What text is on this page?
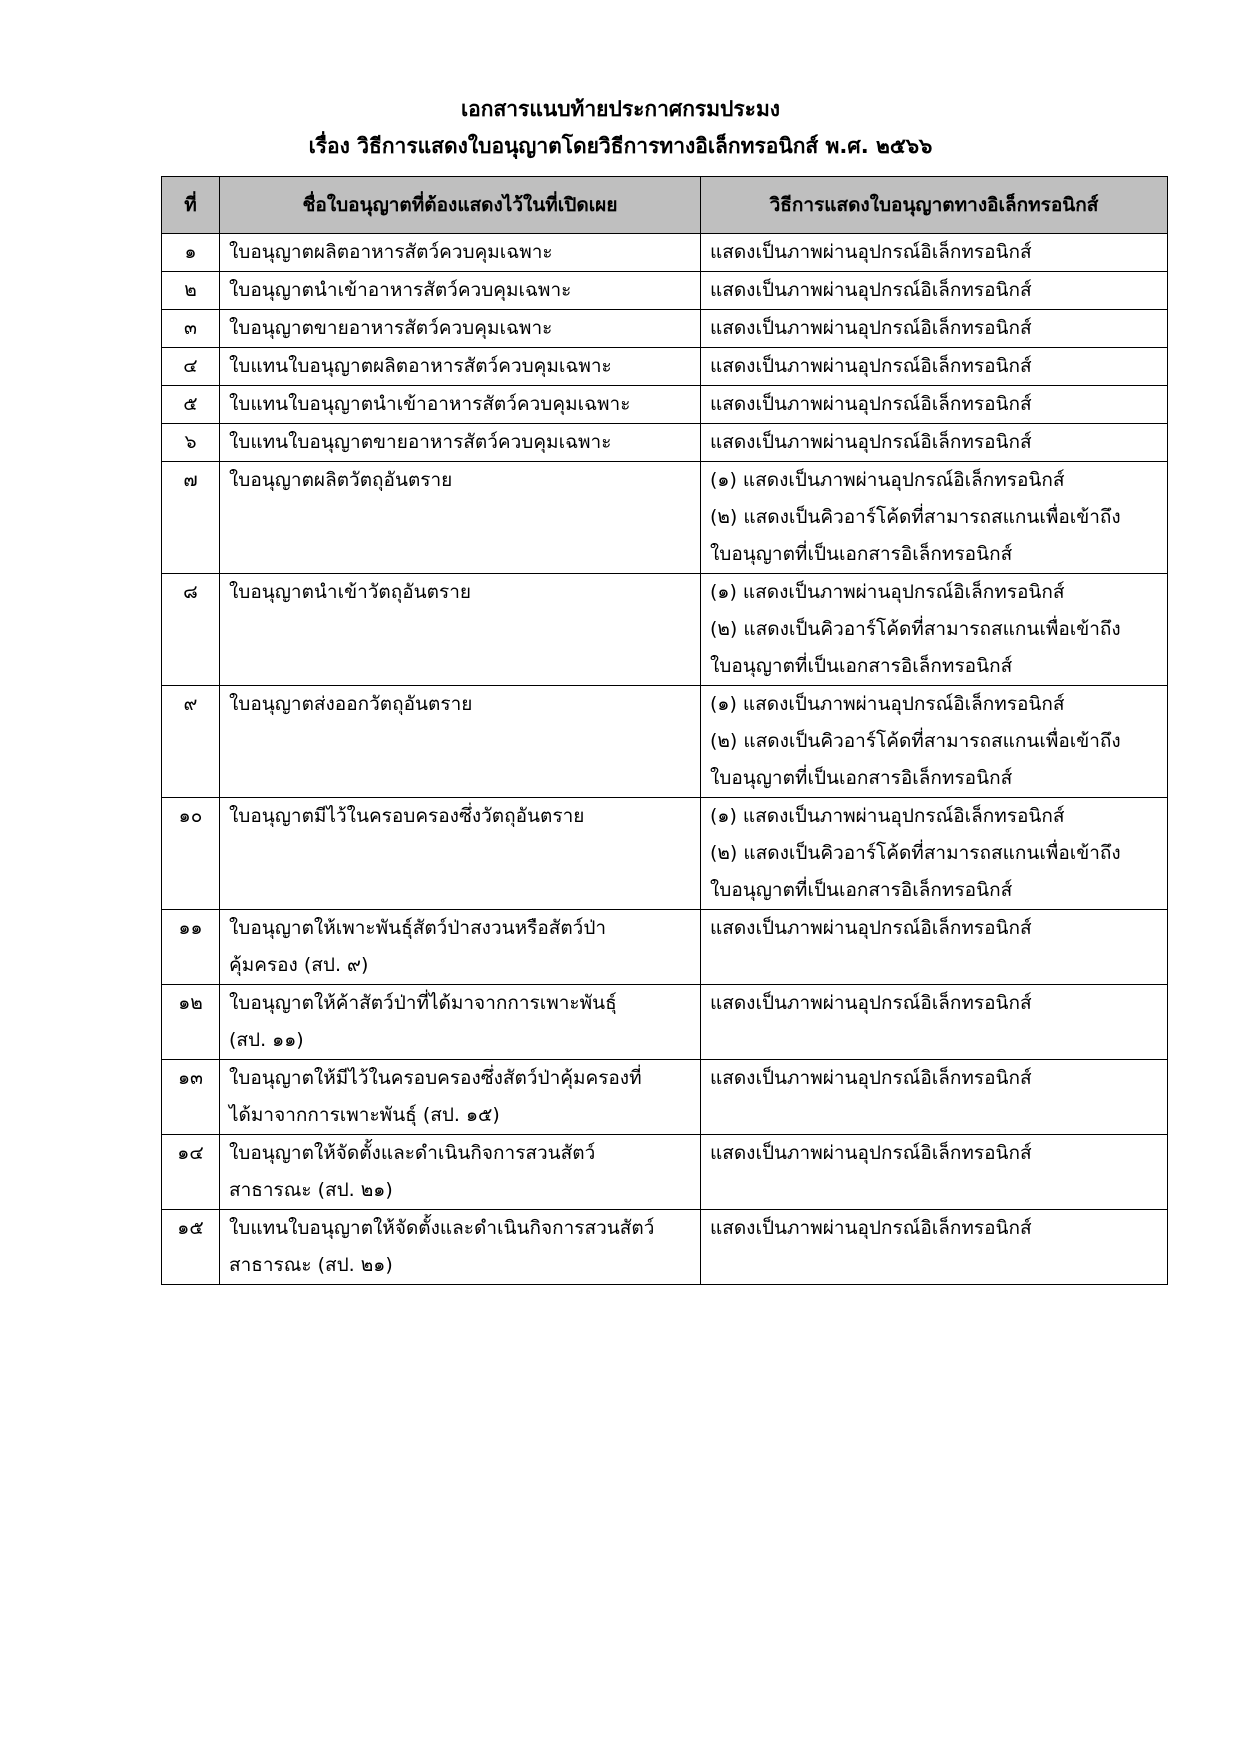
เอกสารแนบท้ายประกาศกรมประมง
เรื่อง วิธีการแสดงใบอนุญาตโดยวิธีการทางอิเล็กทรอนิกส์ พ.ศ. ๒๕๖๖
ที่	ชื่อใบอนุญาตที่ต้องแสดงไว้ในที่เปิดเผย	วิธีการแสดงใบอนุญาตทางอิเล็กทรอนิกส์
๑	ใบอนุญาตผลิตอาหารสัตว์ควบคุมเฉพาะ	แสดงเป็นภาพผ่านอุปกรณ์อิเล็กทรอนิกส์

๒	ใบอนุญาตนำเข้าอาหารสัตว์ควบคุมเฉพาะ	แสดงเป็นภาพผ่านอุปกรณ์อิเล็กทรอนิกส์

๓	ใบอนุญาตขายอาหารสัตว์ควบคุมเฉพาะ	แสดงเป็นภาพผ่านอุปกรณ์อิเล็กทรอนิกส์

๔	ใบแทนใบอนุญาตผลิตอาหารสัตว์ควบคุมเฉพาะ	แสดงเป็นภาพผ่านอุปกรณ์อิเล็กทรอนิกส์

๕	ใบแทนใบอนุญาตนำเข้าอาหารสัตว์ควบคุมเฉพาะ	แสดงเป็นภาพผ่านอุปกรณ์อิเล็กทรอนิกส์

๖	ใบแทนใบอนุญาตขายอาหารสัตว์ควบคุมเฉพาะ	แสดงเป็นภาพผ่านอุปกรณ์อิเล็กทรอนิกส์

๗	ใบอนุญาตผลิตวัตถุอันตราย	(๑) แสดงเป็นภาพผ่านอุปกรณ์อิเล็กทรอนิกส์
(๒) แสดงเป็นคิวอาร์โค้ดที่สามารถสแกนเพื่อเข้าถึง
ใบอนุญาตที่เป็นเอกสารอิเล็กทรอนิกส์

๘	ใบอนุญาตนำเข้าวัตถุอันตราย	(๑) แสดงเป็นภาพผ่านอุปกรณ์อิเล็กทรอนิกส์
(๒) แสดงเป็นคิวอาร์โค้ดที่สามารถสแกนเพื่อเข้าถึง
ใบอนุญาตที่เป็นเอกสารอิเล็กทรอนิกส์

๙	ใบอนุญาตส่งออกวัตถุอันตราย	(๑) แสดงเป็นภาพผ่านอุปกรณ์อิเล็กทรอนิกส์
(๒) แสดงเป็นคิวอาร์โค้ดที่สามารถสแกนเพื่อเข้าถึง
ใบอนุญาตที่เป็นเอกสารอิเล็กทรอนิกส์

๑๐	ใบอนุญาตมีไว้ในครอบครองซึ่งวัตถุอันตราย	(๑) แสดงเป็นภาพผ่านอุปกรณ์อิเล็กทรอนิกส์
(๒) แสดงเป็นคิวอาร์โค้ดที่สามารถสแกนเพื่อเข้าถึง
ใบอนุญาตที่เป็นเอกสารอิเล็กทรอนิกส์

๑๑	ใบอนุญาตให้เพาะพันธุ์สัตว์ป่าสงวนหรือสัตว์ป่า
คุ้มครอง (สป. ๙)	แสดงเป็นภาพผ่านอุปกรณ์อิเล็กทรอนิกส์

๑๒	ใบอนุญาตให้ค้าสัตว์ป่าที่ได้มาจากการเพาะพันธุ์
(สป. ๑๑)	แสดงเป็นภาพผ่านอุปกรณ์อิเล็กทรอนิกส์

๑๓	ใบอนุญาตให้มีไว้ในครอบครองซึ่งสัตว์ป่าคุ้มครองที่
ได้มาจากการเพาะพันธุ์ (สป. ๑๕)	แสดงเป็นภาพผ่านอุปกรณ์อิเล็กทรอนิกส์

๑๔	ใบอนุญาตให้จัดตั้งและดำเนินกิจการสวนสัตว์
สาธารณะ (สป. ๒๑)	แสดงเป็นภาพผ่านอุปกรณ์อิเล็กทรอนิกส์

๑๕	ใบแทนใบอนุญาตให้จัดตั้งและดำเนินกิจการสวนสัตว์
สาธารณะ (สป. ๒๑)	แสดงเป็นภาพผ่านอุปกรณ์อิเล็กทรอนิกส์
